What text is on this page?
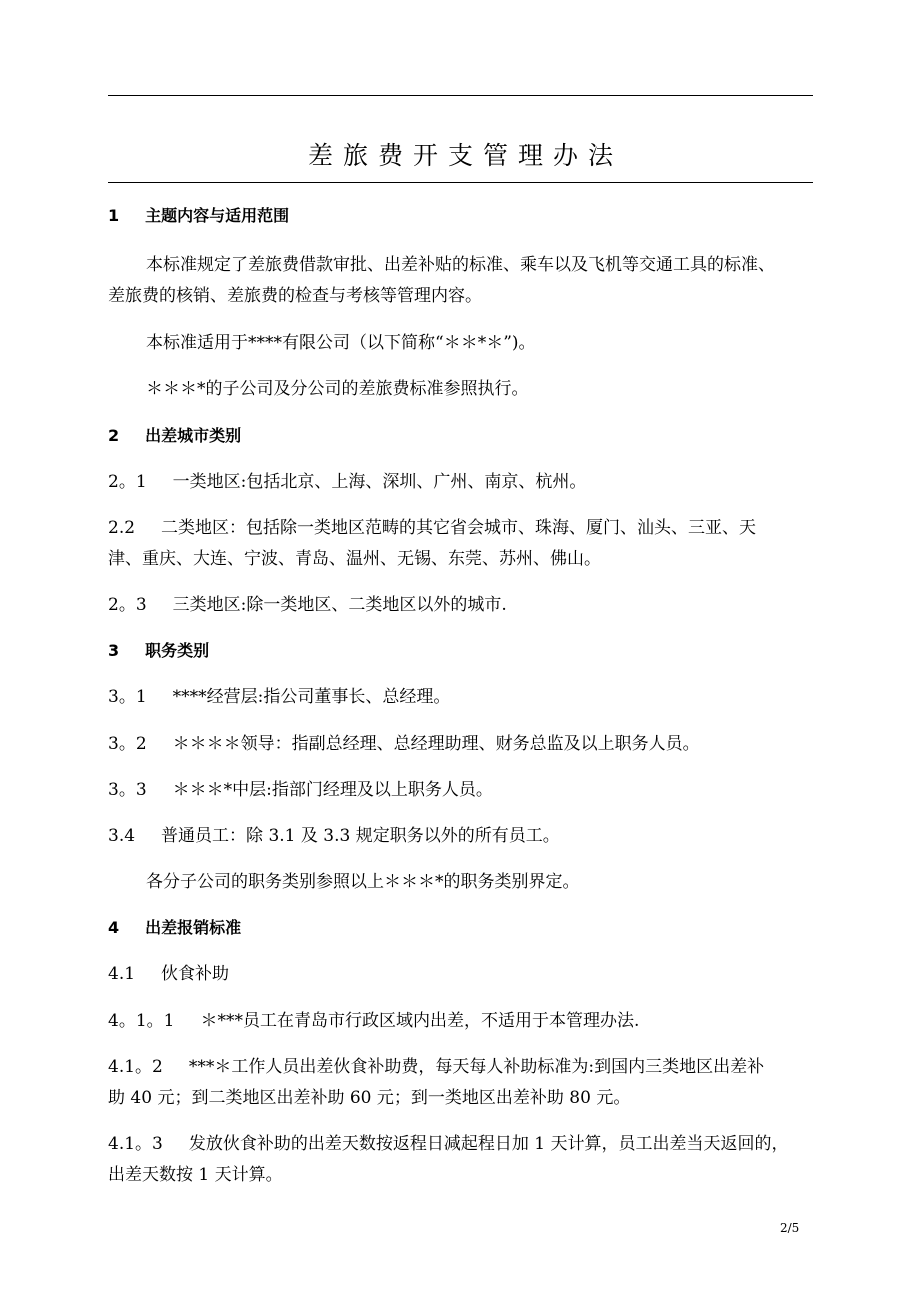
差旅费开支管理办法
1 主题内容与适用范围
本标准规定了差旅费借款审批、出差补贴的标准、乘车以及飞机等交通工具的标准、
差旅费的核销、差旅费的检查与考核等管理内容。
本标准适用于****有限公司（以下简称“＊＊*＊”)。
＊＊＊*的子公司及分公司的差旅费标准参照执行。
2 出差城市类别
2。1 一类地区:包括北京、上海、深圳、广州、南京、杭州。
2.2 二类地区：包括除一类地区范畴的其它省会城市、珠海、厦门、汕头、三亚、天
津、重庆、大连、宁波、青岛、温州、无锡、东莞、苏州、佛山。
2。3 三类地区:除一类地区、二类地区以外的城市.
3 职务类别
3。1 ****经营层:指公司董事长、总经理。
3。2 ＊＊＊＊领导：指副总经理、总经理助理、财务总监及以上职务人员。
3。3 ＊＊＊*中层:指部门经理及以上职务人员。
3.4 普通员工：除 3.1 及 3.3 规定职务以外的所有员工。
各分子公司的职务类别参照以上＊＊＊*的职务类别界定。
4 出差报销标准
4.1 伙食补助
4。1。1 ＊***员工在青岛市行政区域内出差，不适用于本管理办法.
4.1。2 ***＊工作人员出差伙食补助费，每天每人补助标准为:到国内三类地区出差补
助 40 元；到二类地区出差补助 60 元；到一类地区出差补助 80 元。
4.1。3 发放伙食补助的出差天数按返程日减起程日加 1 天计算，员工出差当天返回的，
出差天数按 1 天计算。
2/5
